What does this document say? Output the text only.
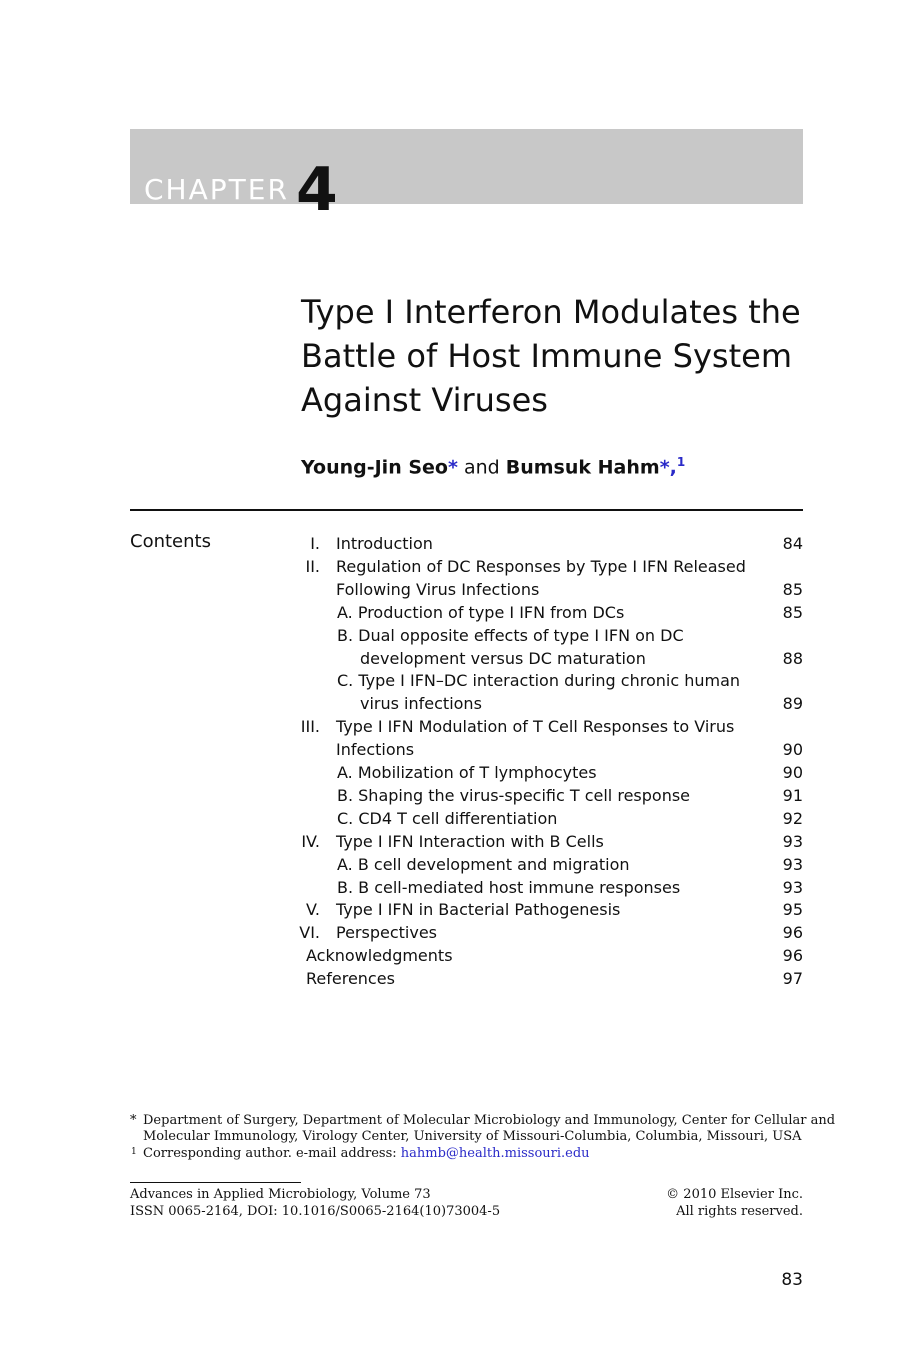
CHAPTER 4
Type I Interferon Modulates the
Battle of Host Immune System
Against Viruses
Young-Jin Seo* and Bumsuk Hahm*,$^1$
Contents	I. Introduction	84
II. Regulation of DC Responses by Type I IFN Released
Following Virus Infections	85
A. Production of type I IFN from DCs	85
B. Dual opposite effects of type I IFN on DC
development versus DC maturation	88
C. Type I IFN–DC interaction during chronic human
virus infections	89
III. Type I IFN Modulation of T Cell Responses to Virus
Infections	90
A. Mobilization of T lymphocytes	90
B. Shaping the virus-specific T cell response	91
C. CD4 T cell differentiation	92
IV. Type I IFN Interaction with B Cells	93
A. B cell development and migration	93
B. B cell-mediated host immune responses	93
V. Type I IFN in Bacterial Pathogenesis	95
VI. Perspectives	96
Acknowledgments	96
References	97
* Department of Surgery, Department of Molecular Microbiology and Immunology, Center for Cellular and
Molecular Immunology, Virology Center, University of Missouri-Columbia, Columbia, Missouri, USA
1 Corresponding author. e-mail address: hahmb@health.missouri.edu
Advances in Applied Microbiology, Volume 73
ISSN 0065-2164, DOI: 10.1016/S0065-2164(10)73004-5
© 2010 Elsevier Inc.
All rights reserved.
83
